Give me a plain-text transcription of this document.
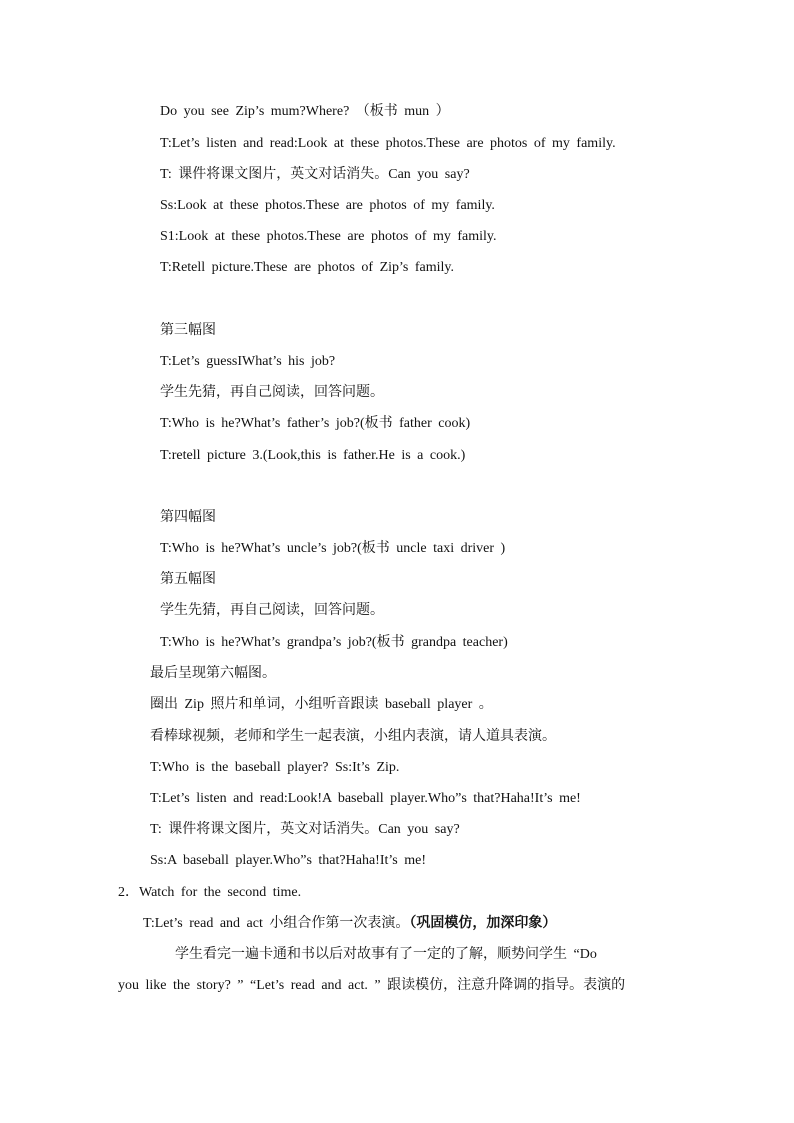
Do you see Zip’s mum?Where? （板书 mun ）
T:Let’s listen and read:Look at these photos.These are photos of my family.
T: 课件将课文图片，英文对话消失。Can you say?
Ss:Look at these photos.These are photos of my family.
S1:Look at these photos.These are photos of my family.
T:Retell picture.These are photos of Zip’s family.
第三幅图
T:Let’s guessIWhat’s his job?
学生先猜，再自己阅读，回答问题。
T:Who is he?What’s father’s job?(板书 father cook)
T:retell picture 3.(Look,this is father.He is a cook.)
第四幅图
T:Who is he?What’s uncle’s job?(板书 uncle taxi driver )
第五幅图
学生先猜，再自己阅读，回答问题。
T:Who is he?What’s grandpa’s job?(板书 grandpa teacher)
最后呈现第六幅图。
圈出 Zip 照片和单词，小组听音跟读 baseball player 。
看棒球视频，老师和学生一起表演，小组内表演，请人道具表演。
T:Who is the baseball player? Ss:It’s Zip.
T:Let’s listen and read:Look!A baseball player.Who”s that?Haha!It’s me!
T: 课件将课文图片，英文对话消失。Can you say?
Ss:A baseball player.Who”s that?Haha!It’s me!
2．Watch for the second time.
T:Let’s read and act 小组合作第一次表演。（巩固模仿，加深印象）
学生看完一遍卡通和书以后对故事有了一定的了解，顺势问学生 “Do
you like the story? ” “Let’s read and act. ” 跟读模仿，注意升降调的指导。表演的
